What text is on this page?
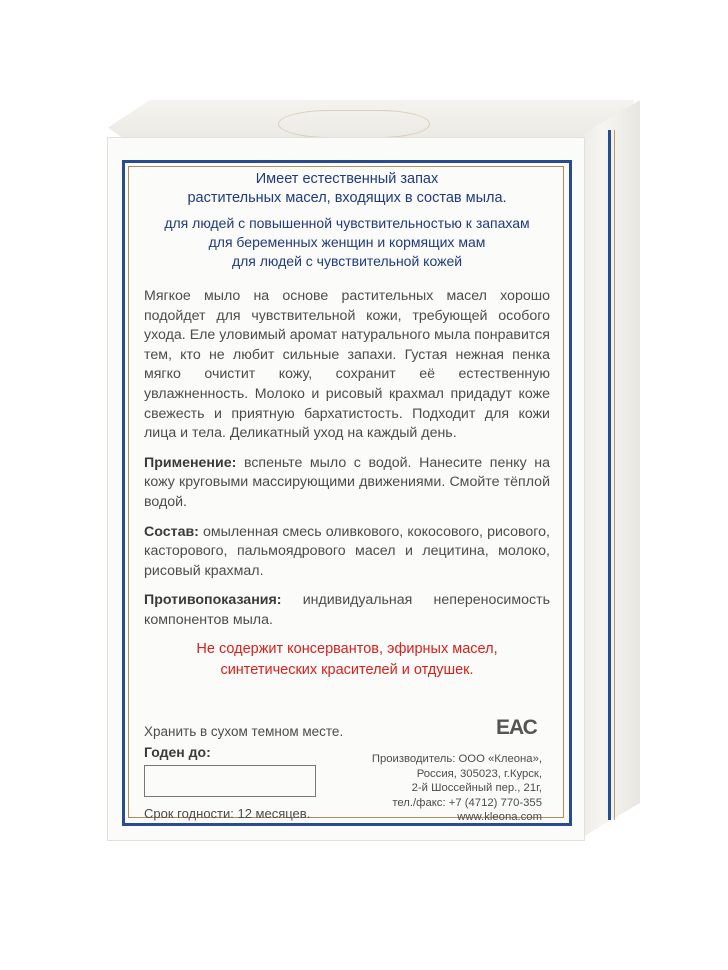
Имеет естественный запах
растительных масел, входящих в состав мыла.
для людей с повышенной чувствительностью к запахам
для беременных женщин и кормящих мам
для людей с чувствительной кожей
Мягкое мыло на основе растительных масел хорошо подойдет для чувствительной кожи, требующей особого ухода. Еле уловимый аромат натурального мыла понравится тем, кто не любит сильные запахи. Густая нежная пенка мягко очистит кожу, сохранит её естественную увлажненность. Молоко и рисовый крахмал придадут коже свежесть и приятную бархатистость. Подходит для кожи лица и тела. Деликатный уход на каждый день.
Применение: вспеньте мыло с водой. Нанесите пенку на кожу круговыми массирующими движениями. Смойте тёплой водой.
Состав: омыленная смесь оливкового, кокосового, рисового, касторового, пальмоядрового масел и лецитина, молоко, рисовый крахмал.
Противопоказания: индивидуальная непереносимость компонентов мыла.
Не содержит консервантов, эфирных масел,
синтетических красителей и отдушек.
Хранить в сухом темном месте.
Годен до:
Срок годности: 12 месяцев.
ЕАС
Производитель: ООО «Клеона»,
Россия, 305023, г.Курск,
2-й Шоссейный пер., 21г,
тел./факс: +7 (4712) 770-355
www.kleona.com
